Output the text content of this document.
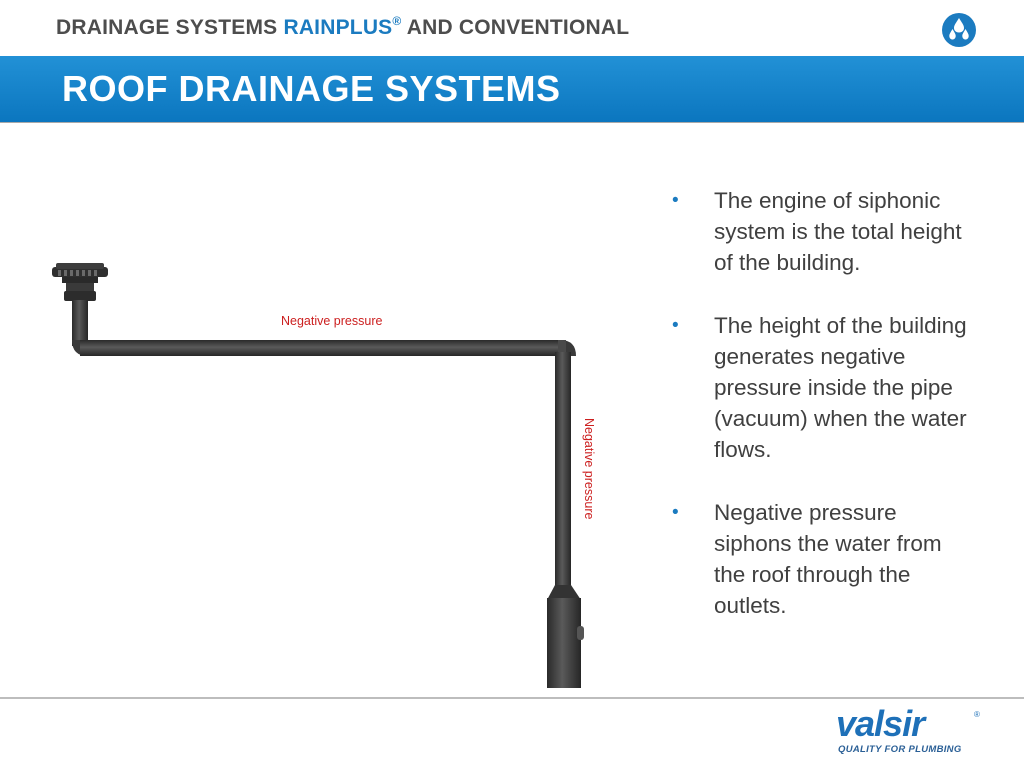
DRAINAGE SYSTEMS RAINPLUS® AND CONVENTIONAL
ROOF DRAINAGE SYSTEMS
Negative pressure
Negative pressure
• The engine of siphonic system is the total height of the building.
• The height of the building generates negative pressure inside the pipe (vacuum) when the water flows.
• Negative pressure siphons the water from the roof through the outlets.
valsir	®
QUALITY FOR PLUMBING
